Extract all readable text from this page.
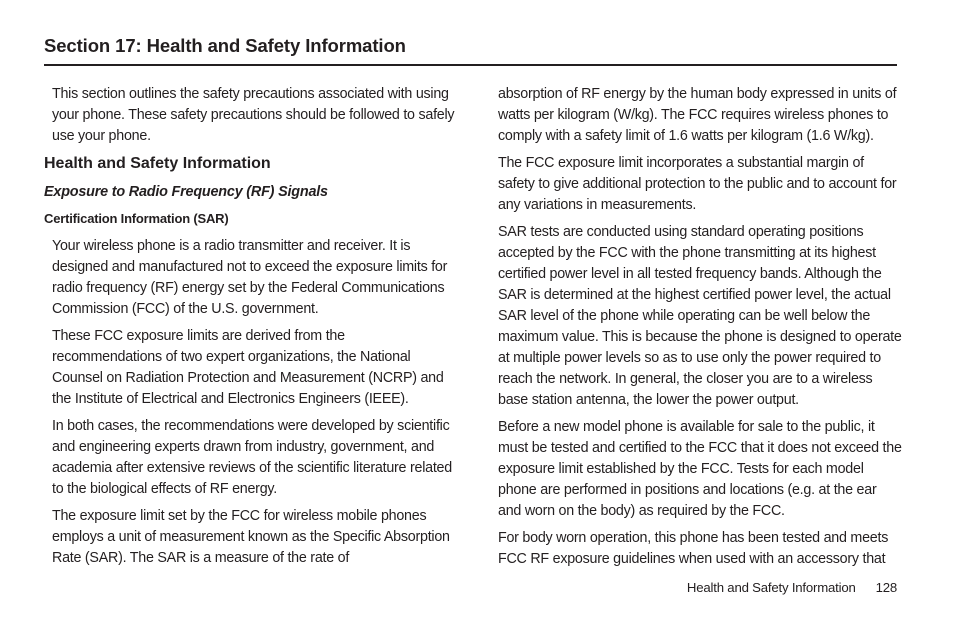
Section 17: Health and Safety Information

This section outlines the safety precautions associated with using your phone. These safety precautions should be followed to safely use your phone.

Health and Safety Information
Exposure to Radio Frequency (RF) Signals
Certification Information (SAR)

Your wireless phone is a radio transmitter and receiver. It is designed and manufactured not to exceed the exposure limits for radio frequency (RF) energy set by the Federal Communications Commission (FCC) of the U.S. government.

These FCC exposure limits are derived from the recommendations of two expert organizations, the National Counsel on Radiation Protection and Measurement (NCRP) and the Institute of Electrical and Electronics Engineers (IEEE).

In both cases, the recommendations were developed by scientific and engineering experts drawn from industry, government, and academia after extensive reviews of the scientific literature related to the biological effects of RF energy.

The exposure limit set by the FCC for wireless mobile phones employs a unit of measurement known as the Specific Absorption Rate (SAR). The SAR is a measure of the rate of

absorption of RF energy by the human body expressed in units of watts per kilogram (W/kg). The FCC requires wireless phones to comply with a safety limit of 1.6 watts per kilogram (1.6 W/kg).

The FCC exposure limit incorporates a substantial margin of safety to give additional protection to the public and to account for any variations in measurements.

SAR tests are conducted using standard operating positions accepted by the FCC with the phone transmitting at its highest certified power level in all tested frequency bands. Although the SAR is determined at the highest certified power level, the actual SAR level of the phone while operating can be well below the maximum value. This is because the phone is designed to operate at multiple power levels so as to use only the power required to reach the network. In general, the closer you are to a wireless base station antenna, the lower the power output.

Before a new model phone is available for sale to the public, it must be tested and certified to the FCC that it does not exceed the exposure limit established by the FCC. Tests for each model phone are performed in positions and locations (e.g. at the ear and worn on the body) as required by the FCC.

For body worn operation, this phone has been tested and meets FCC RF exposure guidelines when used with an accessory that

Health and Safety Information 128
